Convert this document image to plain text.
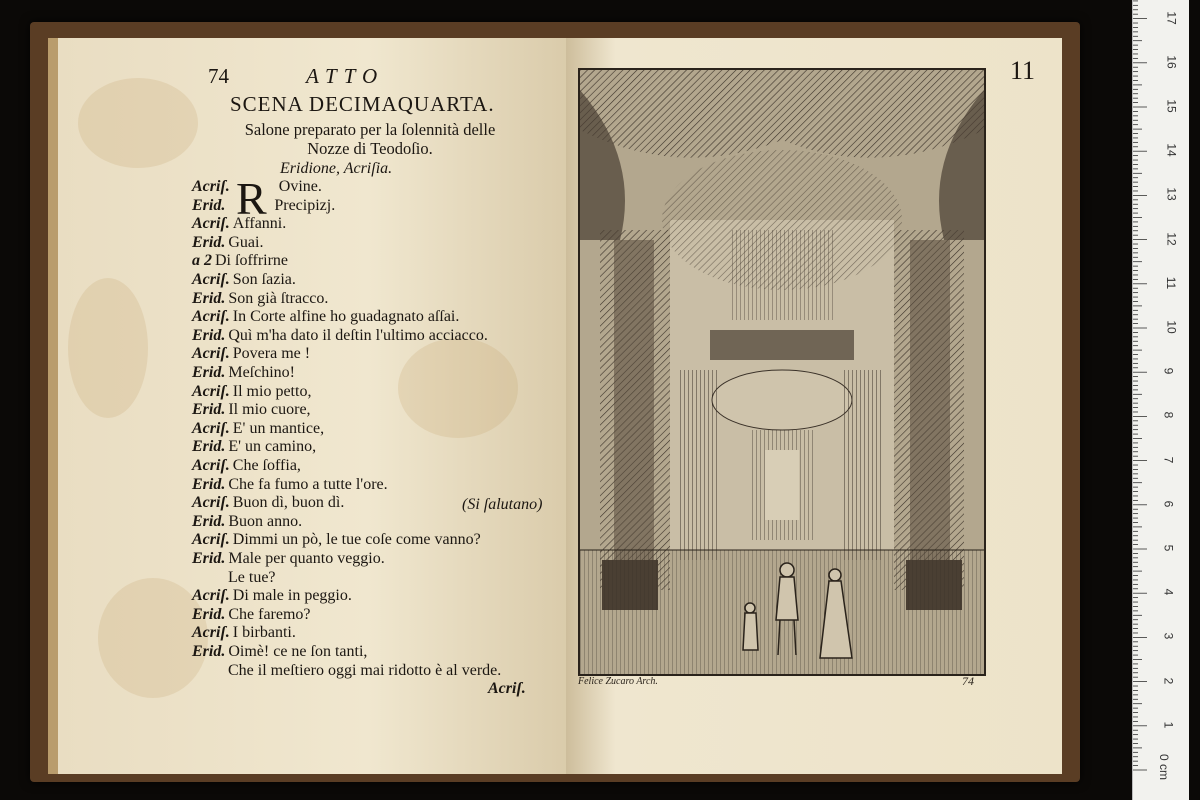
74	ATTO
SCENA DECIMAQUARTA.
Salone preparato per la ſolennità delle
Nozze di Teodoſio.
Eridione, Acriſia.
R
Acriſ.	Ovine.
Erid.	Precipizj.
Acriſ. Affanni.
Erid. Guai.
a 2 Di ſoffrirne
Acriſ. Son ſazia.
Erid. Son già ſtracco.
Acriſ. In Corte alfine ho guadagnato aſſai.
Erid. Quì m'ha dato il deſtin l'ultimo acciacco.
Acriſ. Povera me !
Erid. Meſchino!
Acriſ. Il mio petto,
Erid. Il mio cuore,
Acriſ. E' un mantice,
Erid. E' un camino,
Acriſ. Che ſoffia,
Erid. Che fa fumo a tutte l'ore.
Acriſ. Buon dì, buon dì.
Erid. Buon anno.
Acriſ. Dimmi un pò, le tue coſe come vanno?
Erid. Male per quanto veggio.
Le tue?
Acriſ. Di male in peggio.
Erid. Che faremo?
Acriſ. I birbanti.
Erid. Oimè! ce ne ſon tanti,
Che il meſtiero oggi mai ridotto è al verde.
(Si ſalutano)
Acriſ.
11
Felice Zucaro Arch.	74
0 cm
1
2
3
4
5
6
7
8
9
10
11
12
13
14
15
16
17
